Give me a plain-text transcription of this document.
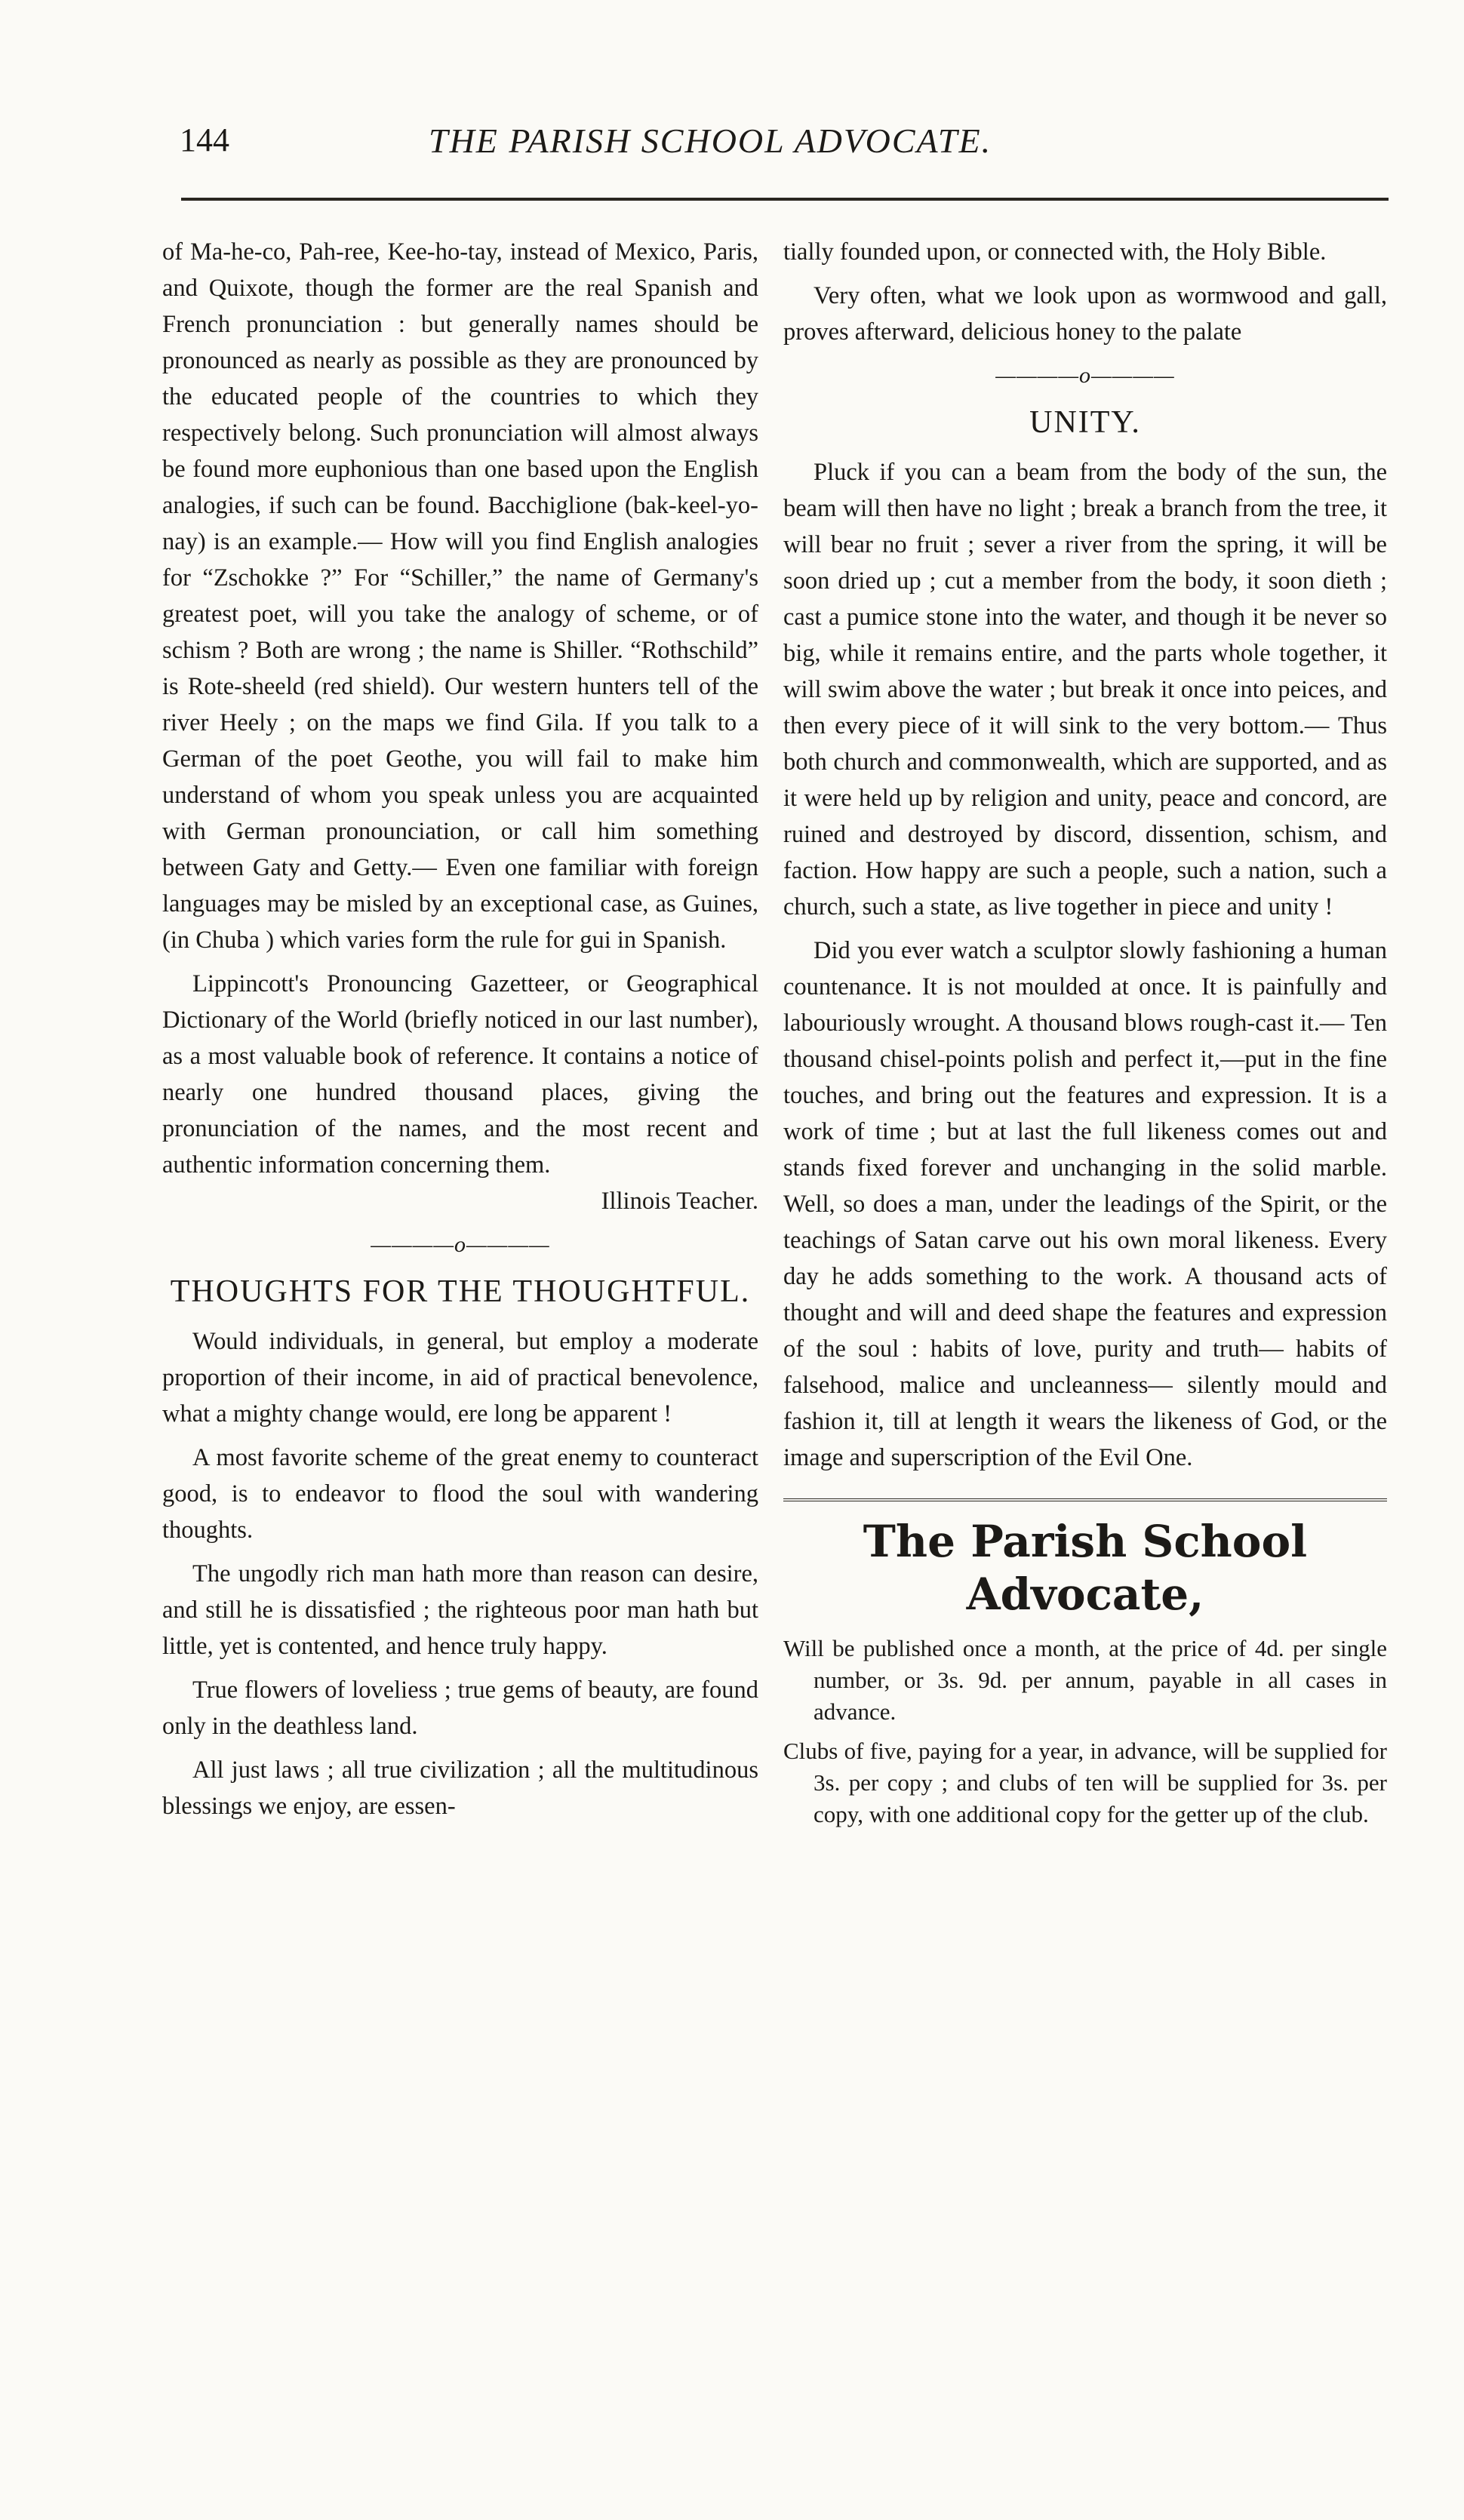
144	THE PARISH SCHOOL ADVOCATE.

of Ma-he-co, Pah-ree, Kee-ho-tay, instead of Mexico, Paris, and Quixote, though the former are the real Spanish and French pronunciation : but generally names should be pronounced as nearly as possible as they are pronounced by the educated people of the countries to which they respectively belong. Such pronunciation will almost always be found more euphonious than one based upon the English analogies, if such can be found. Bacchiglione (bak-keel-yo-nay) is an example.— How will you find English analogies for “Zschokke ?” For “Schiller,” the name of Germany's greatest poet, will you take the analogy of scheme, or of schism ? Both are wrong ; the name is Shiller. “Rothschild” is Rote-sheeld (red shield). Our western hunters tell of the river Heely ; on the maps we find Gila. If you talk to a German of the poet Geothe, you will fail to make him understand of whom you speak unless you are acquainted with German pronounciation, or call him something between Gaty and Getty.— Even one familiar with foreign languages may be misled by an exceptional case, as Guines, (in Chuba ) which varies form the rule for gui in Spanish.

Lippincott's Pronouncing Gazetteer, or Geographical Dictionary of the World (briefly noticed in our last number), as a most valuable book of reference. It contains a notice of nearly one hundred thousand places, giving the pronunciation of the names, and the most recent and authentic information concerning them.
Illinois Teacher.

————o————
THOUGHTS FOR THE THOUGHTFUL.

Would individuals, in general, but employ a moderate proportion of their income, in aid of practical benevolence, what a mighty change would, ere long be apparent !

A most favorite scheme of the great enemy to counteract good, is to endeavor to flood the soul with wandering thoughts.

The ungodly rich man hath more than reason can desire, and still he is dissatisfied ; the righteous poor man hath but little, yet is contented, and hence truly happy.

True flowers of loveliess ; true gems of beauty, are found only in the deathless land.

All just laws ; all true civilization ; all the multitudinous blessings we enjoy, are essen-

tially founded upon, or connected with, the Holy Bible.

Very often, what we look upon as wormwood and gall, proves afterward, delicious honey to the palate

————o————
UNITY.

Pluck if you can a beam from the body of the sun, the beam will then have no light ; break a branch from the tree, it will bear no fruit ; sever a river from the spring, it will be soon dried up ; cut a member from the body, it soon dieth ; cast a pumice stone into the water, and though it be never so big, while it remains entire, and the parts whole together, it will swim above the water ; but break it once into peices, and then every piece of it will sink to the very bottom.— Thus both church and commonwealth, which are supported, and as it were held up by religion and unity, peace and concord, are ruined and destroyed by discord, dissention, schism, and faction. How happy are such a people, such a nation, such a church, such a state, as live together in piece and unity !

Did you ever watch a sculptor slowly fashioning a human countenance. It is not moulded at once. It is painfully and labouriously wrought. A thousand blows rough-cast it.— Ten thousand chisel-points polish and perfect it,—put in the fine touches, and bring out the features and expression. It is a work of time ; but at last the full likeness comes out and stands fixed forever and unchanging in the solid marble. Well, so does a man, under the leadings of the Spirit, or the teachings of Satan carve out his own moral likeness. Every day he adds something to the work. A thousand acts of thought and will and deed shape the features and expression of the soul : habits of love, purity and truth— habits of falsehood, malice and uncleanness— silently mould and fashion it, till at length it wears the likeness of God, or the image and superscription of the Evil One.

The Parish School Advocate,

Will be published once a month, at the price of 4d. per single number, or 3s. 9d. per annum, payable in all cases in advance.

Clubs of five, paying for a year, in advance, will be supplied for 3s. per copy ; and clubs of ten will be supplied for 3s. per copy, with one additional copy for the getter up of the club.
